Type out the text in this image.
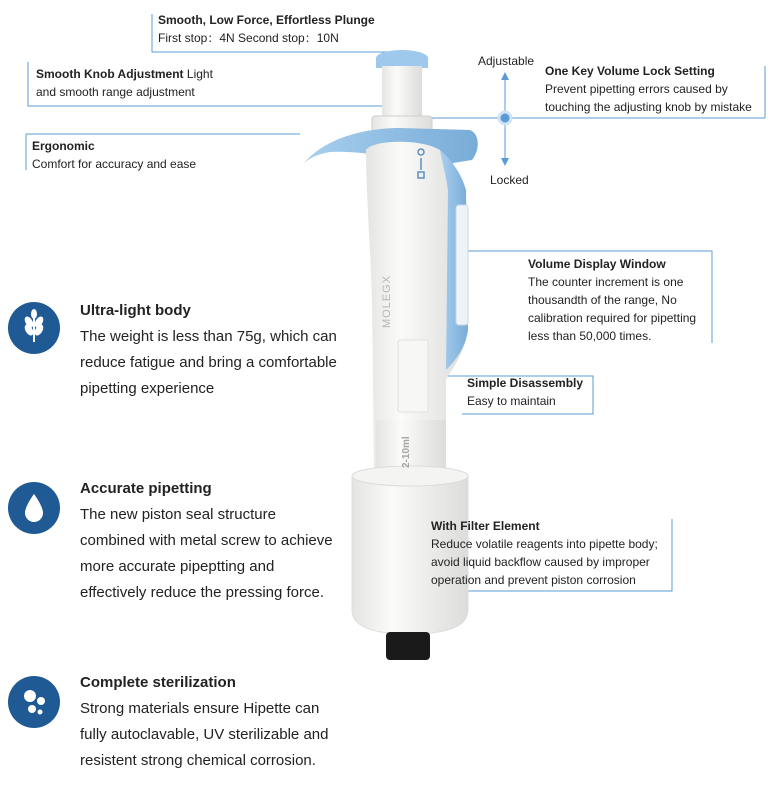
MOLEGX
2-10ml
Smooth, Low Force, Effortless Plunge
First stop：4N Second stop：10N
Smooth Knob Adjustment Light
and smooth range adjustment
Ergonomic
Comfort for accuracy and ease
Adjustable
Locked
One Key Volume Lock Setting
Prevent pipetting errors caused by touching the adjusting knob by mistake
Volume Display Window
The counter increment is one thousandth of the range, No calibration required for pipetting less than 50,000 times.
Simple Disassembly
Easy to maintain
With Filter Element
Reduce volatile reagents into pipette body; avoid liquid backflow caused by improper operation and prevent piston corrosion
Ultra-light body
The weight is less than 75g, which can reduce fatigue and bring a comfortable pipetting experience
Accurate pipetting
The new piston seal structure combined with metal screw to achieve more accurate pipeptting and effectively reduce the pressing force.
Complete sterilization
Strong materials ensure Hipette can fully autoclavable, UV sterilizable and resistent strong chemical corrosion.
